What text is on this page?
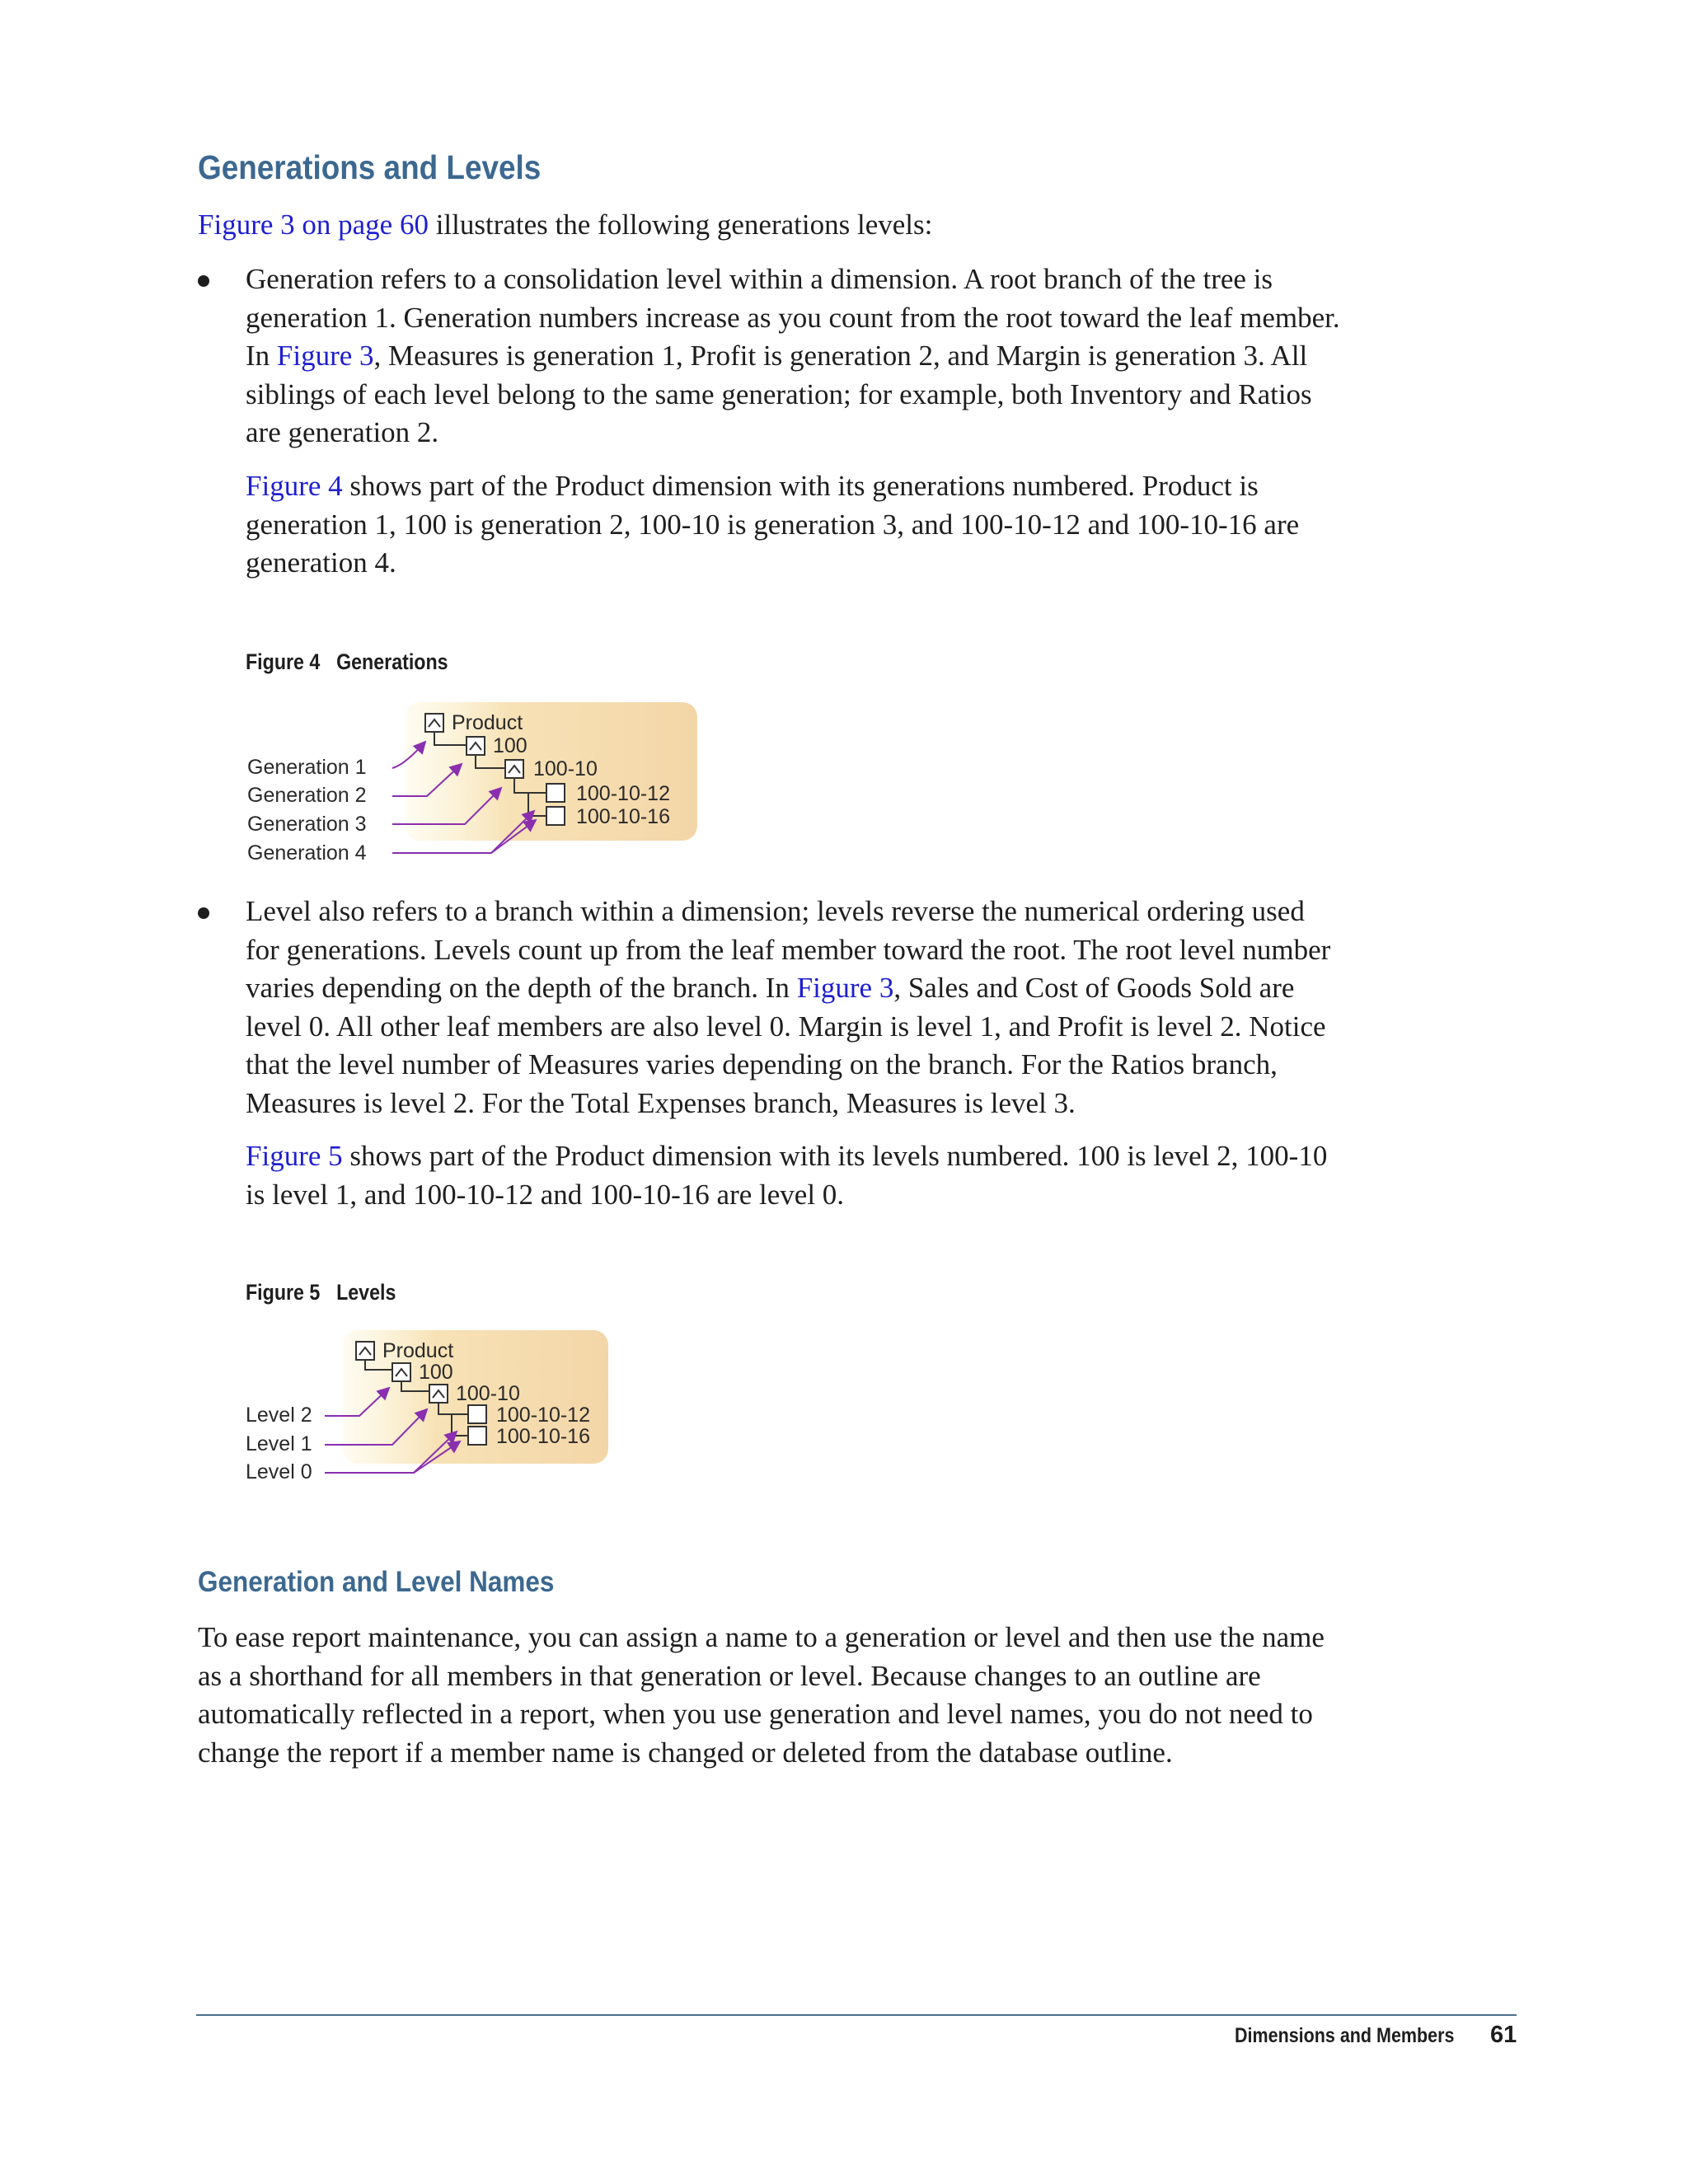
Generations and Levels

Figure 3 on page 60 illustrates the following generations levels:

Generation refers to a consolidation level within a dimension. A root branch of the tree is generation 1. Generation numbers increase as you count from the root toward the leaf member. In Figure 3, Measures is generation 1, Profit is generation 2, and Margin is generation 3. All siblings of each level belong to the same generation; for example, both Inventory and Ratios are generation 2.

Figure 4 shows part of the Product dimension with its generations numbered. Product is generation 1, 100 is generation 2, 100-10 is generation 3, and 100-10-12 and 100-10-16 are generation 4.

Figure 4 Generations

Product
100
100-10
100-10-12
100-10-16
Generation 1
Generation 2
Generation 3
Generation 4

Level also refers to a branch within a dimension; levels reverse the numerical ordering used for generations. Levels count up from the leaf member toward the root. The root level number varies depending on the depth of the branch. In Figure 3, Sales and Cost of Goods Sold are level 0. All other leaf members are also level 0. Margin is level 1, and Profit is level 2. Notice that the level number of Measures varies depending on the branch. For the Ratios branch, Measures is level 2. For the Total Expenses branch, Measures is level 3.

Figure 5 shows part of the Product dimension with its levels numbered. 100 is level 2, 100-10 is level 1, and 100-10-12 and 100-10-16 are level 0.

Figure 5 Levels

Product
100
100-10
100-10-12
100-10-16
Level 2
Level 1
Level 0
Generation and Level Names

To ease report maintenance, you can assign a name to a generation or level and then use the name as a shorthand for all members in that generation or level. Because changes to an outline are automatically reflected in a report, when you use generation and level names, you do not need to change the report if a member name is changed or deleted from the database outline.

Dimensions and Members 61
